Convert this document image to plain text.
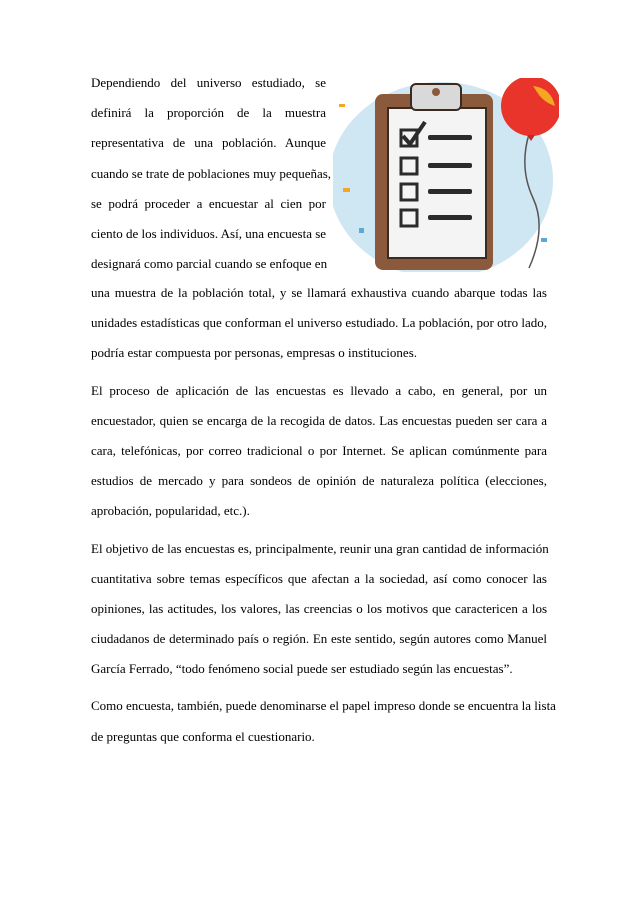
Dependiendo del universo estudiado, se
definirá la proporción de la muestra
representativa de una población. Aunque
cuando se trate de poblaciones muy pequeñas,
se podrá proceder a encuestar al cien por
ciento de los individuos. Así, una encuesta se
designará como parcial cuando se enfoque en
una muestra de la población total, y se llamará exhaustiva cuando abarque todas las
unidades estadísticas que conforman el universo estudiado. La población, por otro lado,
podría estar compuesta por personas, empresas o instituciones.
El proceso de aplicación de las encuestas es llevado a cabo, en general, por un
encuestador, quien se encarga de la recogida de datos. Las encuestas pueden ser cara a
cara, telefónicas, por correo tradicional o por Internet. Se aplican comúnmente para
estudios de mercado y para sondeos de opinión de naturaleza política (elecciones,
aprobación, popularidad, etc.).
El objetivo de las encuestas es, principalmente, reunir una gran cantidad de información
cuantitativa sobre temas específicos que afectan a la sociedad, así como conocer las
opiniones, las actitudes, los valores, las creencias o los motivos que caractericen a los
ciudadanos de determinado país o región. En este sentido, según autores como Manuel
García Ferrado, “todo fenómeno social puede ser estudiado según las encuestas”.
Como encuesta, también, puede denominarse el papel impreso donde se encuentra la lista
de preguntas que conforma el cuestionario.
